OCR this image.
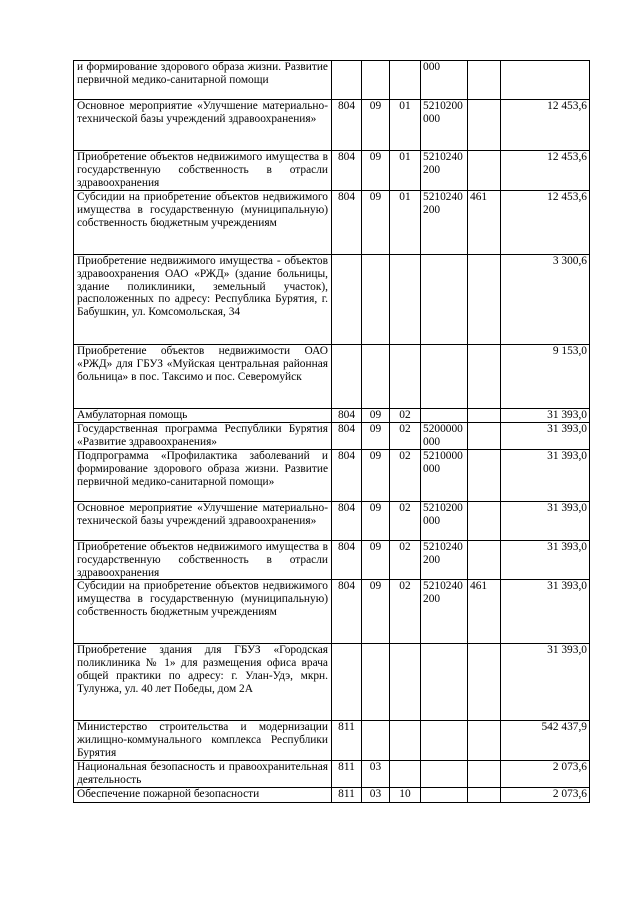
и формирование здорового образа жизни. Развитие первичной медико-санитарной помощи				000		
Основное мероприятие «Улучшение материально-технической базы учреждений здравоохранения»	804	09	01	5210200 000		12 453,6
Приобретение объектов недвижимого имущества в государственную собственность в отрасли здравоохранения	804	09	01	5210240 200		12 453,6
Субсидии на приобретение объектов недвижимого имущества в государственную (муниципальную) собственность бюджетным учреждениям	804	09	01	5210240 200	461	12 453,6
Приобретение недвижимого имущества - объектов здравоохранения ОАО «РЖД» (здание больницы, здание поликлиники, земельный участок), расположенных по адресу: Республика Бурятия, г. Бабушкин, ул. Комсомольская, 34						3 300,6
Приобретение объектов недвижимости ОАО «РЖД» для ГБУЗ «Муйская центральная районная больница» в пос. Таксимо и пос. Северомуйск						9 153,0
Амбулаторная помощь	804	09	02			31 393,0
Государственная программа Республики Бурятия «Развитие здравоохранения»	804	09	02	5200000 000		31 393,0
Подпрограмма «Профилактика заболеваний и формирование здорового образа жизни. Развитие первичной медико-санитарной помощи»	804	09	02	5210000 000		31 393,0
Основное мероприятие «Улучшение материально-технической базы учреждений здравоохранения»	804	09	02	5210200 000		31 393,0
Приобретение объектов недвижимого имущества в государственную собственность в отрасли здравоохранения	804	09	02	5210240 200		31 393,0
Субсидии на приобретение объектов недвижимого имущества в государственную (муниципальную) собственность бюджетным учреждениям	804	09	02	5210240 200	461	31 393,0
Приобретение здания для ГБУЗ «Городская поликлиника № 1» для размещения офиса врача общей практики по адресу: г. Улан-Удэ, мкрн. Тулунжа, ул. 40 лет Победы, дом 2А						31 393,0
Министерство строительства и модернизации жилищно-коммунального комплекса Республики Бурятия	811					542 437,9
Национальная безопасность и правоохранительная деятельность	811	03				2 073,6
Обеспечение пожарной безопасности	811	03	10			2 073,6
